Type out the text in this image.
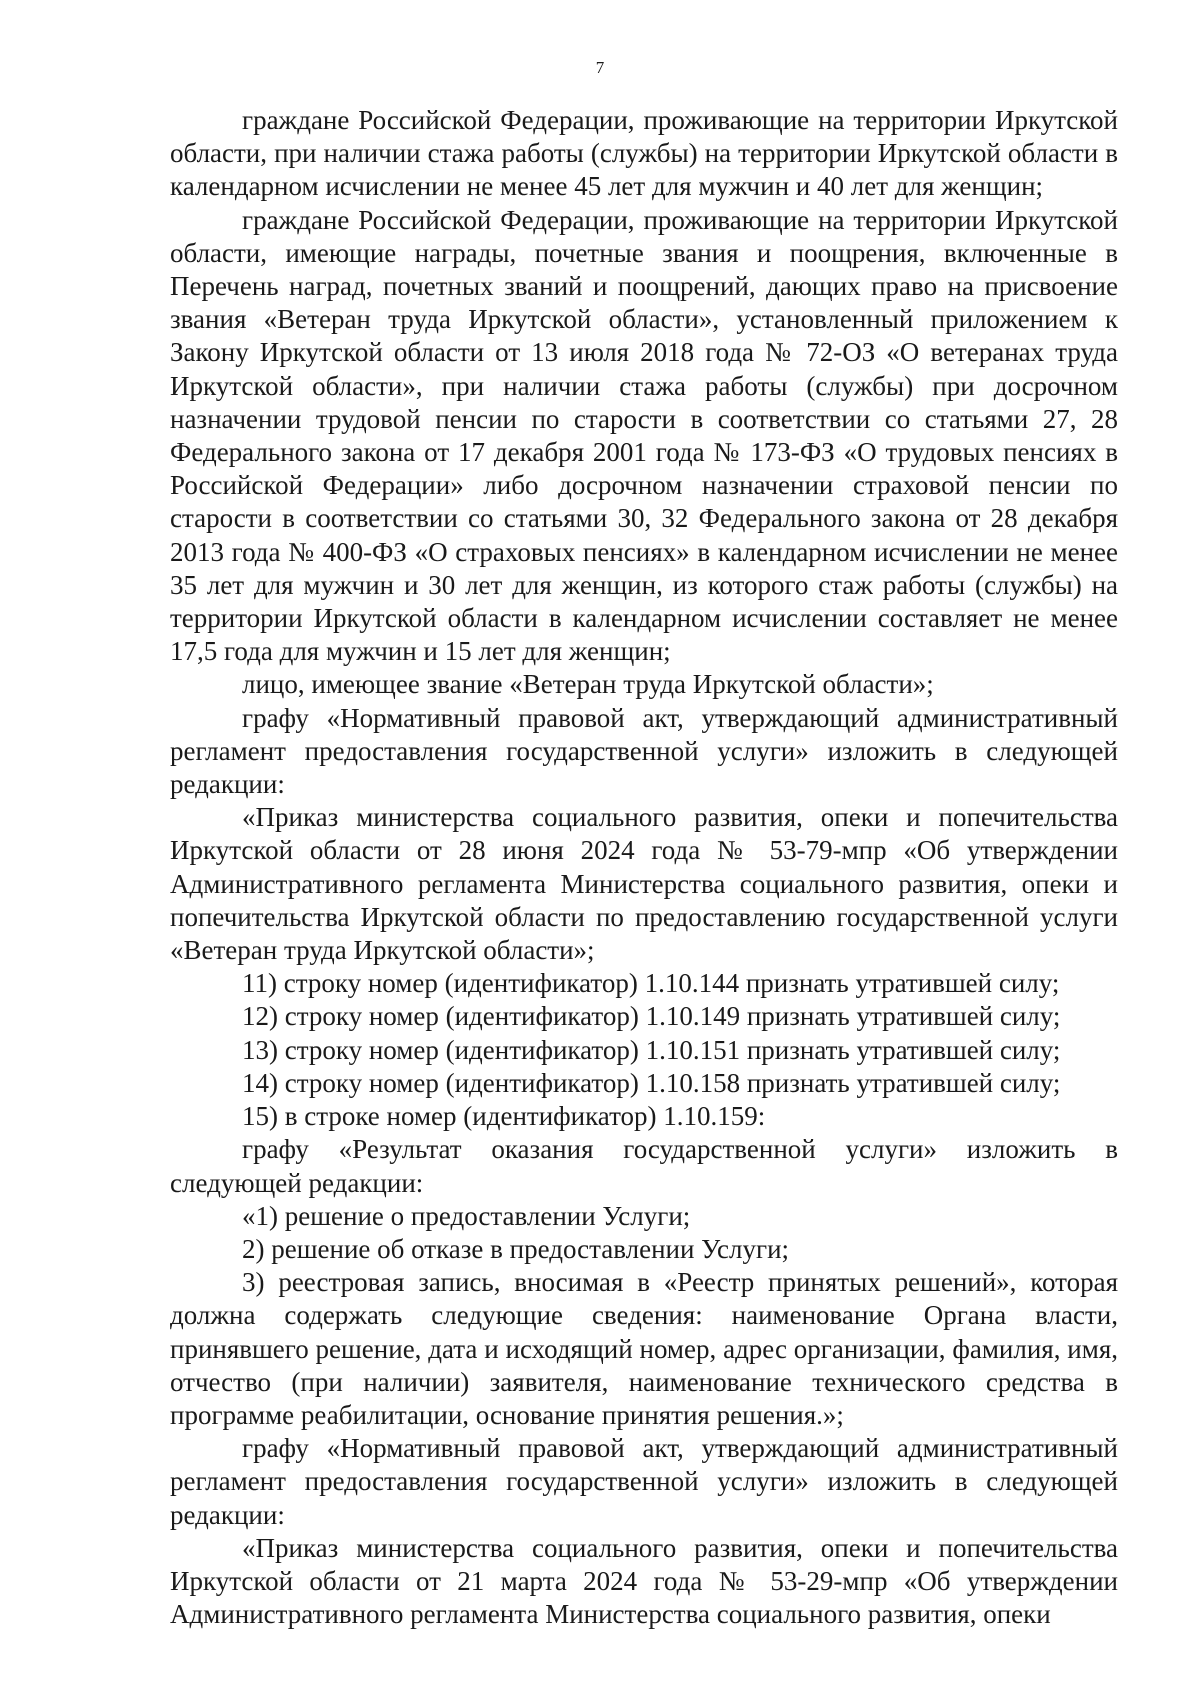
7

граждане Российской Федерации, проживающие на территории Иркутской области, при наличии стажа работы (службы) на территории Иркутской области в календарном исчислении не менее 45 лет для мужчин и 40 лет для женщин;

граждане Российской Федерации, проживающие на территории Иркутской области, имеющие награды, почетные звания и поощрения, включенные в Перечень наград, почетных званий и поощрений, дающих право на присвоение звания «Ветеран труда Иркутской области», установленный приложением к Закону Иркутской области от 13 июля 2018 года № 72-ОЗ «О ветеранах труда Иркутской области», при наличии стажа работы (службы) при досрочном назначении трудовой пенсии по старости в соответствии со статьями 27, 28 Федерального закона от 17 декабря 2001 года № 173-ФЗ «О трудовых пенсиях в Российской Федерации» либо досрочном назначении страховой пенсии по старости в соответствии со статьями 30, 32 Федерального закона от 28 декабря 2013 года № 400-ФЗ «О страховых пенсиях» в календарном исчислении не менее 35 лет для мужчин и 30 лет для женщин, из которого стаж работы (службы) на территории Иркутской области в календарном исчислении составляет не менее 17,5 года для мужчин и 15 лет для женщин;

лицо, имеющее звание «Ветеран труда Иркутской области»;

графу «Нормативный правовой акт, утверждающий административный регламент предоставления государственной услуги» изложить в следующей редакции:

«Приказ министерства социального развития, опеки и попечительства Иркутской области от 28 июня 2024 года № 53-79-мпр «Об утверждении Административного регламента Министерства социального развития, опеки и попечительства Иркутской области по предоставлению государственной услуги «Ветеран труда Иркутской области»;

11) строку номер (идентификатор) 1.10.144 признать утратившей силу;

12) строку номер (идентификатор) 1.10.149 признать утратившей силу;

13) строку номер (идентификатор) 1.10.151 признать утратившей силу;

14) строку номер (идентификатор) 1.10.158 признать утратившей силу;

15) в строке номер (идентификатор) 1.10.159:

графу «Результат оказания государственной услуги» изложить в следующей редакции:

«1) решение о предоставлении Услуги;

2) решение об отказе в предоставлении Услуги;

3) реестровая запись, вносимая в «Реестр принятых решений», которая должна содержать следующие сведения: наименование Органа власти, принявшего решение, дата и исходящий номер, адрес организации, фамилия, имя, отчество (при наличии) заявителя, наименование технического средства в программе реабилитации, основание принятия решения.»;

графу «Нормативный правовой акт, утверждающий административный регламент предоставления государственной услуги» изложить в следующей редакции:

«Приказ министерства социального развития, опеки и попечительства Иркутской области от 21 марта 2024 года № 53-29-мпр «Об утверждении Административного регламента Министерства социального развития, опеки
